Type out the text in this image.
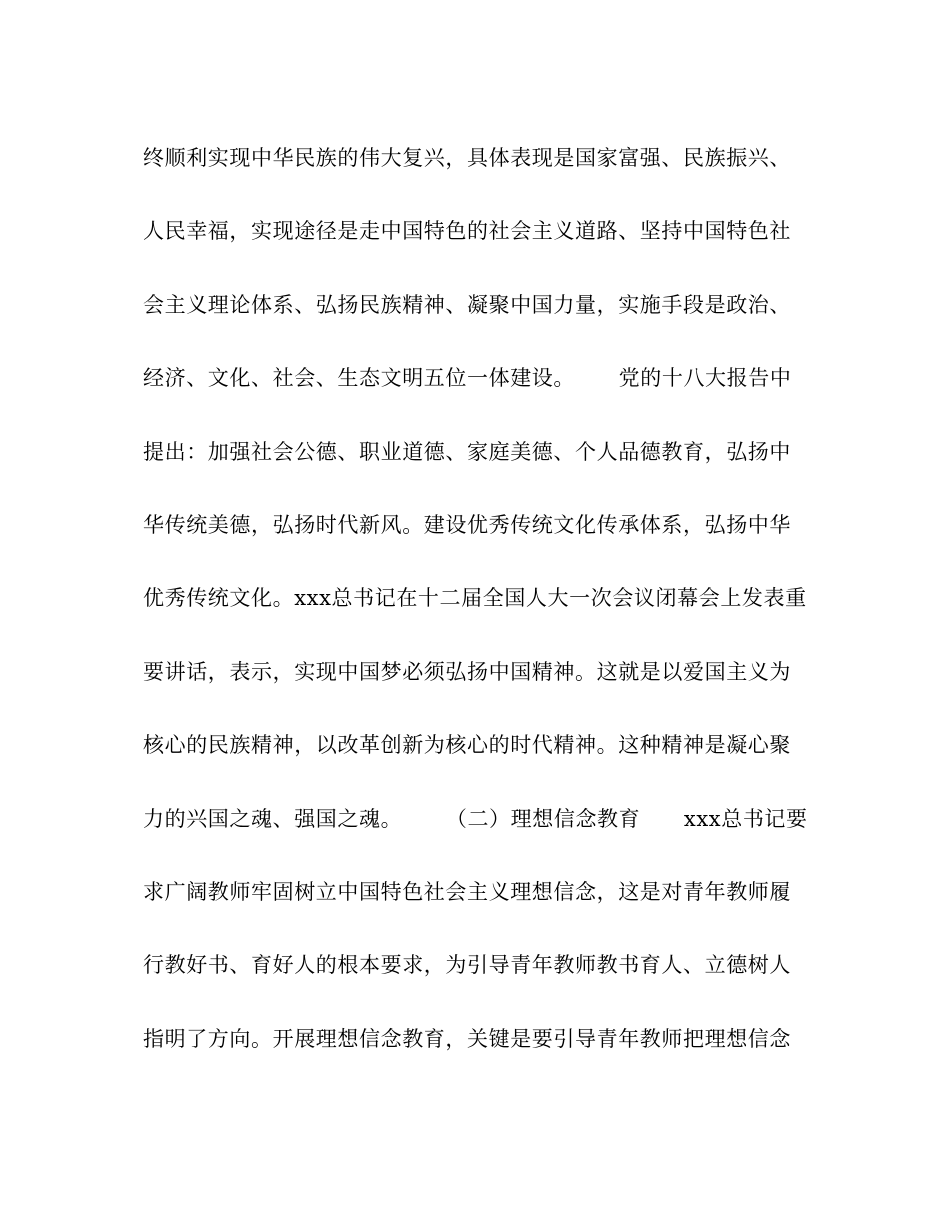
终顺利实现中华民族的伟大复兴，具体表现是国家富强、民族振兴、
人民幸福，实现途径是走中国特色的社会主义道路、坚持中国特色社
会主义理论体系、弘扬民族精神、凝聚中国力量，实施手段是政治、
经济、文化、社会、生态文明五位一体建设。      党的十八大报告中
提出：加强社会公德、职业道德、家庭美德、个人品德教育，弘扬中
华传统美德，弘扬时代新风。建设优秀传统文化传承体系，弘扬中华
优秀传统文化。xxx总书记在十二届全国人大一次会议闭幕会上发表重
要讲话，表示，实现中国梦必须弘扬中国精神。这就是以爱国主义为
核心的民族精神，以改革创新为核心的时代精神。这种精神是凝心聚
力的兴国之魂、强国之魂。      （二）理想信念教育      xxx总书记要
求广阔教师牢固树立中国特色社会主义理想信念，这是对青年教师履
行教好书、育好人的根本要求，为引导青年教师教书育人、立德树人
指明了方向。开展理想信念教育，关键是要引导青年教师把理想信念
